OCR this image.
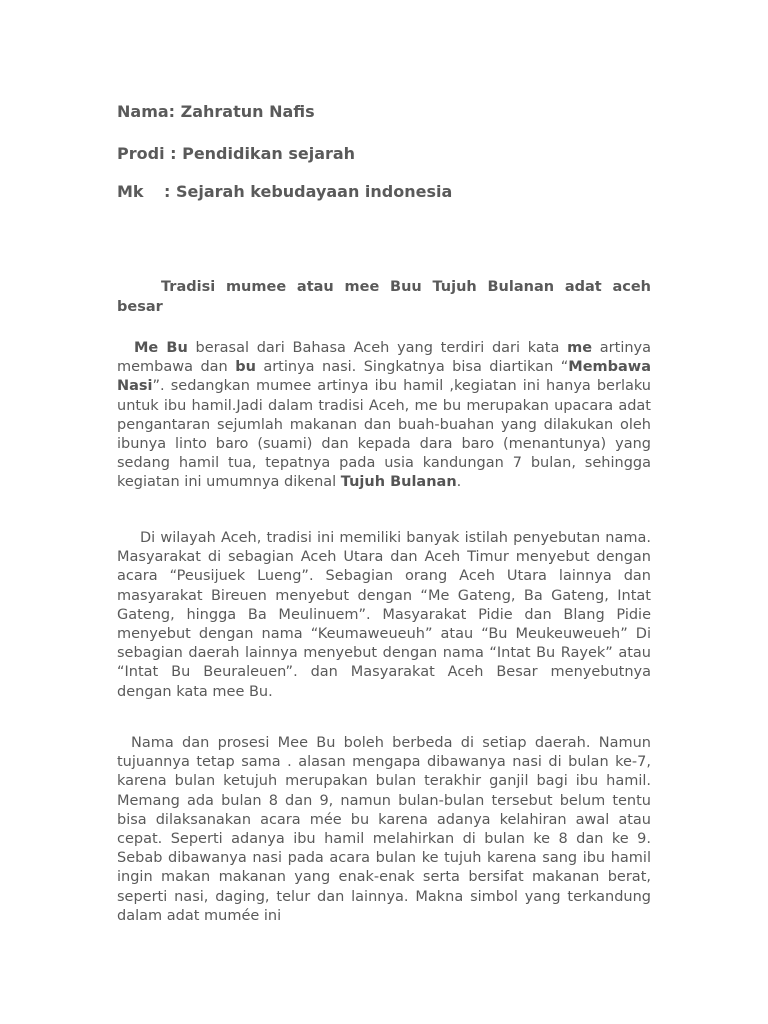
Nama: Zahratun Nafis
Prodi : Pendidikan sejarah
Mk : Sejarah kebudayaan indonesia
Tradisi mumee atau mee Buu Tujuh Bulanan adat aceh besar
Me Bu berasal dari Bahasa Aceh yang terdiri dari kata me artinya membawa dan bu artinya nasi. Singkatnya bisa diartikan “Membawa Nasi”. sedangkan mumee artinya ibu hamil ,kegiatan ini hanya berlaku untuk ibu hamil.Jadi dalam tradisi Aceh, me bu merupakan upacara adat pengantaran sejumlah makanan dan buah-buahan yang dilakukan oleh ibunya linto baro (suami) dan kepada dara baro (menantunya) yang sedang hamil tua, tepatnya pada usia kandungan 7 bulan, sehingga kegiatan ini umumnya dikenal Tujuh Bulanan.
Di wilayah Aceh, tradisi ini memiliki banyak istilah penyebutan nama. Masyarakat di sebagian Aceh Utara dan Aceh Timur menyebut dengan acara “Peusijuek Lueng”. Sebagian orang Aceh Utara lainnya dan masyarakat Bireuen menyebut dengan “Me Gateng, Ba Gateng, Intat Gateng, hingga Ba Meulinuem”. Masyarakat Pidie dan Blang Pidie menyebut dengan nama “Keumaweueuh” atau “Bu Meukeuweueh” Di sebagian daerah lainnya menyebut dengan nama “Intat Bu Rayek” atau “Intat Bu Beuraleuen”. dan Masyarakat Aceh Besar menyebutnya dengan kata mee Bu.
Nama dan prosesi Mee Bu boleh berbeda di setiap daerah. Namun tujuannya tetap sama . alasan mengapa dibawanya nasi di bulan ke-7, karena bulan ketujuh merupakan bulan terakhir ganjil bagi ibu hamil. Memang ada bulan 8 dan 9, namun bulan-bulan tersebut belum tentu bisa dilaksanakan acara mée bu karena adanya kelahiran awal atau cepat. Seperti adanya ibu hamil melahirkan di bulan ke 8 dan ke 9. Sebab dibawanya nasi pada acara bulan ke tujuh karena sang ibu hamil ingin makan makanan yang enak-enak serta bersifat makanan berat, seperti nasi, daging, telur dan lainnya. Makna simbol yang terkandung dalam adat mumée ini
